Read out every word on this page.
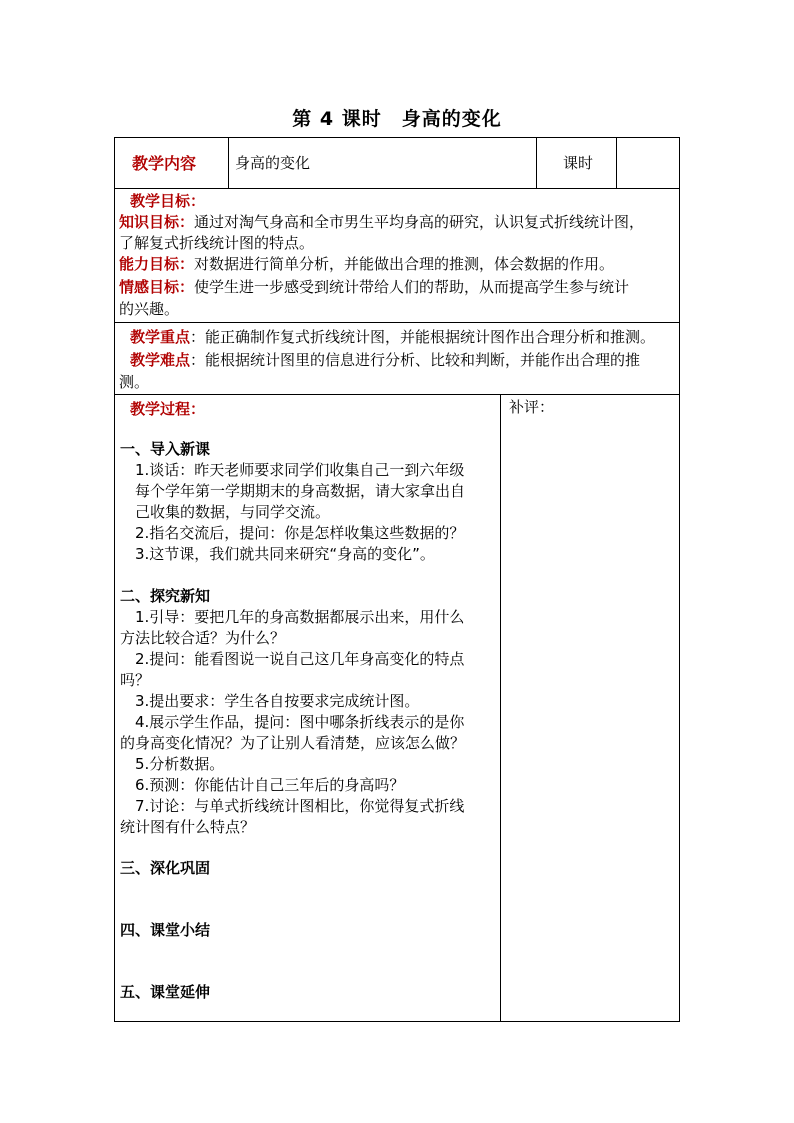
第 4 课时　身高的变化
教学内容	身高的变化	课时
教学目标：
知识目标：通过对淘气身高和全市男生平均身高的研究，认识复式折线统计图，
了解复式折线统计图的特点。
能力目标：对数据进行简单分析，并能做出合理的推测，体会数据的作用。
情感目标：使学生进一步感受到统计带给人们的帮助，从而提高学生参与统计
的兴趣。
教学重点：能正确制作复式折线统计图，并能根据统计图作出合理分析和推测。
教学难点：能根据统计图里的信息进行分析、比较和判断，并能作出合理的推
测。
教学过程：
一、导入新课
1.谈话：昨天老师要求同学们收集自己一到六年级
每个学年第一学期期末的身高数据，请大家拿出自
己收集的数据，与同学交流。
2.指名交流后，提问：你是怎样收集这些数据的？
3.这节课，我们就共同来研究“身高的变化”。
二、探究新知
1.引导：要把几年的身高数据都展示出来，用什么
方法比较合适？为什么？
2.提问：能看图说一说自己这几年身高变化的特点
吗？
3.提出要求：学生各自按要求完成统计图。
4.展示学生作品，提问：图中哪条折线表示的是你
的身高变化情况？为了让别人看清楚，应该怎么做？
5.分析数据。
6.预测：你能估计自己三年后的身高吗？
7.讨论：与单式折线统计图相比，你觉得复式折线
统计图有什么特点？
三、深化巩固
四、课堂小结
五、课堂延伸
补评：
